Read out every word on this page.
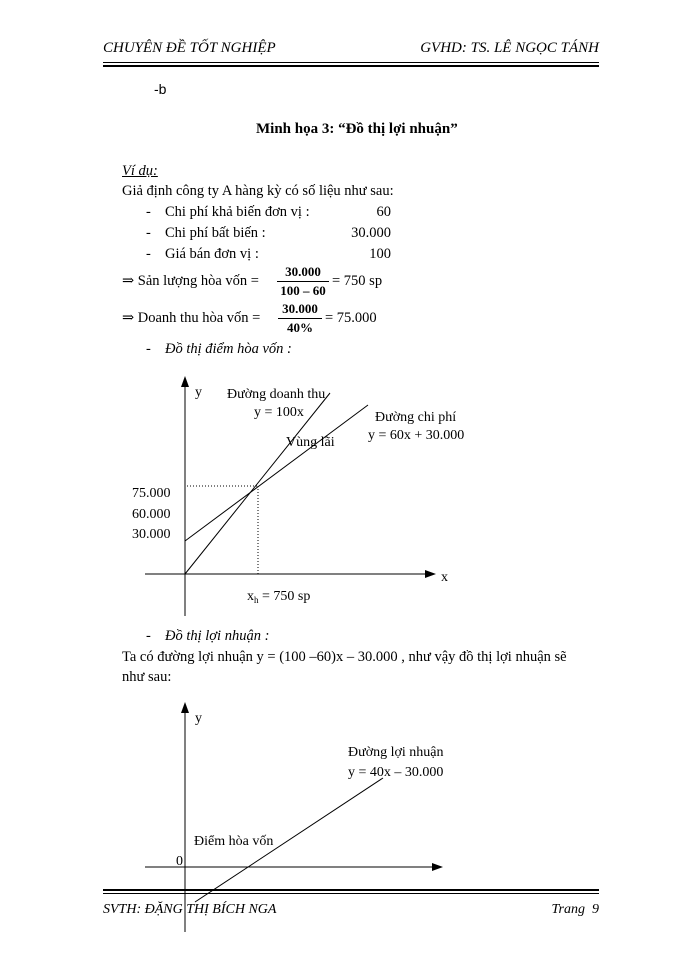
CHUYÊN ĐỀ TỐT NGHIỆP	GVHD: TS. LÊ NGỌC TÁNH
-b
Minh họa 3: “Đồ thị lợi nhuận”
Ví dụ:
Giả định công ty A hàng kỳ có số liệu như sau:
- Chi phí khả biến đơn vị :	60
- Chi phí bất biến :	30.000
- Giá bán đơn vị :	100
⇒ Sản lượng hòa vốn = $\frac{30.000}{100 - 60} = 750$ sp
⇒ Doanh thu hòa vốn = $\frac{30.000}{40\%} = 75.000$
- Đồ thị điểm hòa vốn :
y
x
Đường doanh thu
y = 100x	Đường chi phí
y = 60x + 30.000
Vùng lãi
75.000
60.000
30.000
$x_h = 750$ sp
- Đồ thị lợi nhuận :
Ta có đường lợi nhuận y = (100 –60)x – 30.000 , như vậy đồ thị lợi nhuận sẽ
như sau:
y
Đường lợi nhuận
y = 40x – 30.000
Điểm hòa vốn
0
SVTH: ĐẶNG THỊ BÍCH NGA	Trang 9
